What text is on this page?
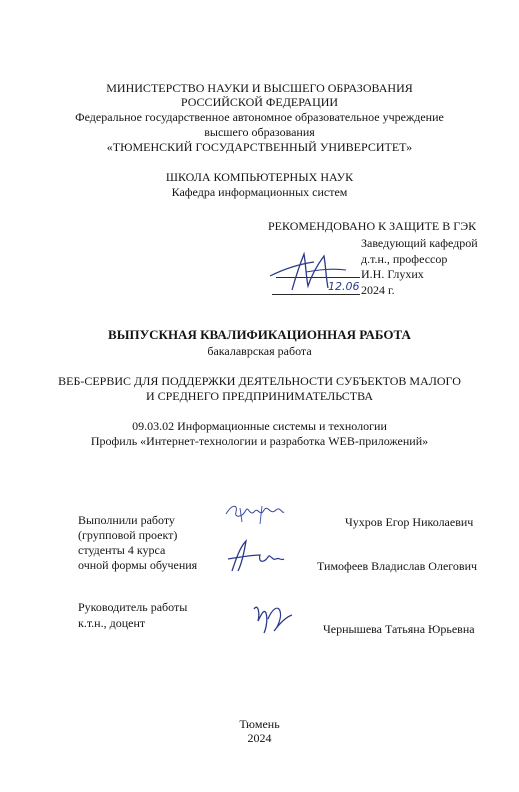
МИНИСТЕРСТВО НАУКИ И ВЫСШЕГО ОБРАЗОВАНИЯ
РОССИЙСКОЙ ФЕДЕРАЦИИ
Федеральное государственное автономное образовательное учреждение
высшего образования
«ТЮМЕНСКИЙ ГОСУДАРСТВЕННЫЙ УНИВЕРСИТЕТ»
ШКОЛА КОМПЬЮТЕРНЫХ НАУК
Кафедра информационных систем
РЕКОМЕНДОВАНО К ЗАЩИТЕ В ГЭК
Заведующий кафедрой
д.т.н., профессор
И.Н. Глухих
2024 г.
12.06
ВЫПУСКНАЯ КВАЛИФИКАЦИОННАЯ РАБОТА
бакалаврская работа
ВЕБ-СЕРВИС ДЛЯ ПОДДЕРЖКИ ДЕЯТЕЛЬНОСТИ СУБЪЕКТОВ МАЛОГО
И СРЕДНЕГО ПРЕДПРИНИМАТЕЛЬСТВА
09.03.02 Информационные системы и технологии
Профиль «Интернет-технологии и разработка WEB-приложений»
Выполнили работу
(групповой проект)
студенты 4 курса
очной формы обучения
Чухров Егор Николаевич
Тимофеев Владислав Олегович
Руководитель работы
к.т.н., доцент	Чернышева Татьяна Юрьевна
Тюмень
2024
